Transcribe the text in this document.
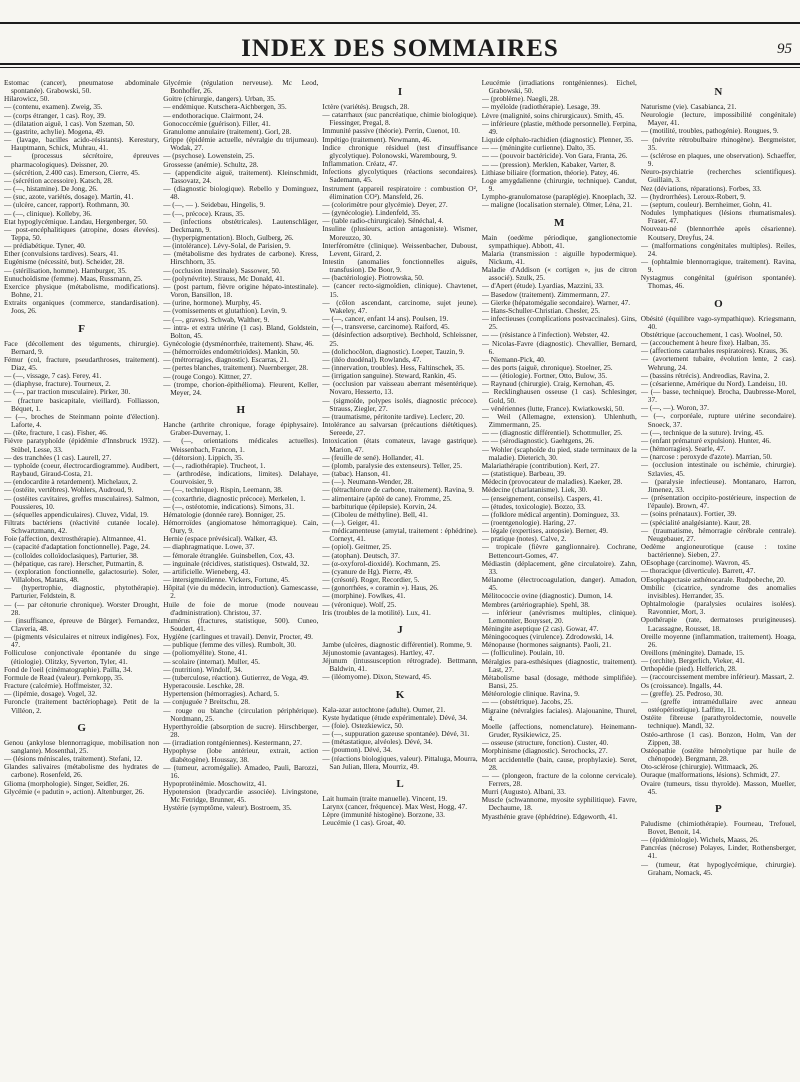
INDEX DES SOMMAIRES	95

Estomac (cancer), pneumatose abdominale spontanée). Grabowski, 50.

Hilarowicz, 50.

— (contenu, examen). Zweig, 35.

— (corps étranger, 1 cas). Roy, 39.

— (dilatation aiguë, 1 cas). Von Szeman, 50.

— (gastrite, achylie). Mogena, 49.

— (lavage, bacilles acido-résistants). Kerestury, Hauptmann, Schick, Muhrau, 41.

— (processus sécrétoire, épreuves pharmacologiques). Deissner, 20.

— (sécrétion, 2.400 cas). Emerson, Cierre, 45.

— (sécrétion accessoire). Katsch, 28.

— (—, histamine). De Jong, 26.

— (suc, azote, variétés, dosage). Martin, 41.

— (ulcère, cancer, rapport). Rothmann, 30.

— (—, clinique). Kolleby, 36.

Etat hypoglycémique. Landau, Hergenberger, 50.

— post-encéphalitiques (atropine, doses élevées). Teppa, 50.

— prédiabétique. Tyner, 40.

Ether (convulsions tardives). Sears, 41.

Eugénisme (nécessité, but). Scheider, 28.

— (stérilisation, homme). Hamburger, 35.

Eunuchoïdisme (femme). Maas, Russmann, 25.

Exercice physique (métabolisme, modifications). Bohne, 21.

Extraits organiques (commerce, standardisation). Joos, 26.

F

Face (décollement des téguments, chirurgie). Bernard, 9.

Fémur (col, fracture, pseudarthroses, traitement). Diaz, 45.

— (—, vissage, 7 cas). Ferey, 41.

— (diaphyse, fracture). Tourneux, 2.

— (—, par traction musculaire). Pirker, 30.

— (fracture basicapitale, vieillard). Folliasson, Béquet, 1.

— (—, broches de Steinmann pointe d'élection). Laforte, 4.

— (tête, fracture, 1 cas). Fisher, 46.

Fièvre paratyphoïde (épidémie d'Innsbruck 1932). Stübel, Lesse, 33.

— des tranchées (1 cas). Laurell, 27.

— typhoïde (coeur, électrocardiogramme). Audibert, Raybaud, Giraud-Costa, 21.

— (endocardite à retardement). Michelaux, 2.

— (ostéite, vertèbres). Wohlers, Audroud, 9.

— (ostéites cavitaires, greffes musculaires). Salmon, Poussieres, 10.

— (séquelles appendiculaires). Cluvez, Vidal, 19.

Filtrats bactériens (réactivité cutanée locale). Schwartzmann, 42.

Foie (affection, dextrosthérapie). Altmannee, 41.

— (capacité d'adaptation fonctionnelle). Page, 24.

— (colloïdes colloïdoclasiques), Parturier, 38.

— (hépatique, cas rare). Herscher, Putmartin, 8.

— (exploration fonctionnelle, galactosurie). Soler, Villalobos, Matans, 48.

— (hypertrophie, diagnostic, phytothérapie). Parturier, Feldstein, 8.

— (— par cétonurie chronique). Worster Drought, 28.

— (insuffisance, épreuve de Bürger). Fernandez, Claveria, 48.

— (pigments vésiculaires et nitreux indigènes). Fox, 47.

Folliculose conjonctivale épontanée du singe (étiologie). Olitzky, Syverton, Tyler, 41.

Fond de l'oeil (cinématographie). Pailla, 34.

Formule de Read (valeur). Pernkopp, 35.

Fracture (calcémie). Hoffmeister, 32.

— (lipémie, dosage). Vogel, 32.

Furoncle (traitement bactériophage). Petit de la Villéon, 2.

G

Genou (ankylose blennorragique, mobilisation non sanglante). Mosenthal, 25.

— (lésions méniscales, traitement). Stefani, 12.

Glandes salivaires (métabolisme des hydrates de carbone). Rosenfeld, 26.

Glioma (morphologie). Singer, Seidler, 26.

Glycémie (« padutin », action). Altenburger, 26.

Glycémie (régulation nerveuse). Mc Leod, Bonhoffer, 26.

Goitre (chirurgie, dangers). Urban, 35.

— endémique. Kutschera-Aichbergen, 35.

— endothoracique. Clairmont, 24.

Gonococcémie (guérison). Filler, 41.

Granulome annulaire (traitement). Gorl, 28.

Grippe (épidémie actuelle, névralgie du trijumeau). Wodak, 27.

— (psychose). Lowenstein, 25.

Grossesse (anémie). Schultz, 28.

— (appendicite aiguë, traitement). Kleinschmidt, Tassovatz, 24.

— (diagnostic biologique). Rebello y Dominguez, 48.

— (—, — ). Seidebau, Hingelis, 9.

— (—, précoce). Kraus, 35.

— (infections obstétricales). Lautenschläger, Deckmann, 9.

— (hyperpigmentation). Bloch, Gulberg, 26.

— (intolérance). Lévy-Solal, de Parisien, 9.

— (métabolisme des hydrates de carbone). Kress, Hirschhorn, 35.

— (occlusion intestinale). Sassower, 50.

— (polynévrite). Strauss, Mc Donald, 41.

— (post partum, fièvre origine hépato-intestinale). Voron, Bansillon, 18.

— (urine, hormone). Murphy, 45.

— (vomissements et glutathion). Levin, 9.

— (—, graves). Schwab, Walther, 9.

— intra- et extra utérine (1 cas). Bland, Goldstein, Bolton, 45.

Gynécologie (dysménorrhée, traitement). Shaw, 46.

— (hémorroïdes endométrioïdes). Mankin, 50.

— (métrorragies, diagnostic). Escarras, 21.

— (pertes blanches, traitement). Nuernberger, 28.

— (rouge Congo). Kittner, 27.

— (trompe, chorion-épithélioma). Fleurent, Keller, Meyer, 24.

H

Hanche (arthrite chronique, forage épiphysaire). Graber-Duvernay, 1.

— (—, orientations médicales actuelles). Weissenbach, Francon, 1.

— (détorsion). Lippich, 35.

— (—, radiothérapie). Trucheot, 1.

— (arthrodèse, indications, limites). Delahaye, Courvoisier, 9.

— (—, technique). Rispin, Leemann, 38.

— (coxarthrie, diagnostic précoce). Merkelen, 1.

— (—, ostéotomie, indications). Simons, 31.

Hématologie (donnée rare). Bonniger, 25.

Hémorroïdes (angiomatose hémorragique). Cain, Oury, 9.

Hernie (espace prévésical). Walker, 43.

— diaphragmatique. Lowe, 37.

— fémorale étranglée. Guinsbellen, Cox, 43.

— inguinale (récidives, statistiques). Ostwald, 32.

— artificielle. Wieneberg, 43.

— intersigmoïdienne. Vickers, Fortune, 45.

Hôpital (vie du médecin, introduction). Gamescasse, 2.

Huile de foie de morue (mode nouveau d'administration). Christou, 37.

Humérus (fractures, statistique, 500). Cuneo, Soudert, 41.

Hygiène (carlingues et travail). Denvir, Procter, 49.

— publique (femme des villes). Rumbolt, 30.

— (poliomyélite). Stone, 41.

— scolaire (internat). Muller, 45.

— (nutrition). Windolf, 34.

— (tuberculose, réaction). Gutierrez, de Vega, 49.

Hyperacousie. Leschke, 28.

Hypertension (hémorragies). Achard, 5.

— conjuguée ? Breitschu, 28.

— rouge ou blanche (circulation périphérique). Nordmann, 25.

Hyperthyroïdie (absorption de sucre). Hirschberger, 28.

— (irradiation rontgéniennes). Kestermann, 27.

Hypophyse (lobe antérieur, extrait, action diabétogène). Houssay, 38.

— (tumeur, acromégalie). Amadeo, Pauli, Barozzi, 16.

Hypoprotéinémie. Moschowitz, 41.

Hypotension (bradycardie associée). Livingstone, Mc Fetridge, Brunner, 45.

Hystérie (symptôme, valeur). Bostroem, 35.

I

Ictère (variétés). Brugsch, 28.

— catarrhaux (suc pancréatique, chimie biologique). Fiessinger, Pregal, 8.

Immunité passive (théorie). Perrin, Cuenot, 10.

Impétigo (traitement). Newmann, 46.

Indice chronique résiduel (test d'insuffisance glycolytique). Polonowski, Warembourg, 9.

Inflammation. Créatz, 47.

Infections glycolytiques (réactions secondaires). Sademann, 45.

Instrument (appareil respiratoire : combustion O², élimination CO²). Mansfeld, 26.

— (colorimètre pour glycémie). Deyer, 27.

— (gynécologie). Lindenfeld, 35.

— (table radio-chirurgicale). Sénéchal, 4.

Insuline (plusieurs, action antagoniste). Wismer, Moreuzzo, 30.

Interféromètre (clinique). Weissenbacher, Duboust, Levent, Girard, 2.

Intestin (anomalies fonctionnelles aiguës, transfusion). De Boor, 9.

— (bactériologie). Piotrowska, 50.

— (cancer recto-sigmoïdien, clinique). Chavtenet, 15.

— (côlon ascendant, carcinome, sujet jeune). Wakeley, 47.

— (—, cancer, enfant 14 ans). Poulsen, 19.

— (—, transverse, carcinome). Raiford, 45.

— (désinfection adsorptive). Bechhold, Schleissner, 25.

— (dolichocôlon, diagnostic). Loeper, Tauzin, 9.

— (iléo duodénal). Rowlands, 47.

— (innervation, troubles). Hess, Faltinschek, 35.

— (irrigation sanguine). Steward, Rankin, 45.

— (occlusion par vaisseau aberrant mésentérique). Novaro, Hesserto, 13.

— (sigmoïde, polypes isolés, diagnostic précoce). Strauss, Ziegler, 27.

— (traumatisme, péritonite tardive). Leclerc, 20.

Intolérance au salvarsan (précautions diététiques). Sereede, 27.

Intoxication (états comateux, lavage gastrique). Marion, 47.

— (feuille de sené). Hollander, 41.

— (plomb, paralysie des extenseurs). Teller, 25.

— (tabac). Hanson, 41.

— (—). Neumann-Wender, 28.

— (tétrachlorure de carbone, traitement). Ravina, 9.

— alimentaire (apôtè de cane). Fromme, 25.

— barbiturique (épilepsie). Korvin, 24.

— (Ciboleu de méthyline). Bell, 41.

— (—). Geiger, 41.

— médicamenteuse (amytal, traitement : éphédrine). Corneyt, 41.

— (opiol). Geitmer, 25.

— (atophan). Deutsch, 37.

— (α-oxyforol-dioxidé). Kochmann, 25.

— (cyanure de Hg). Pierre, 49.

— (crésoté). Roger, Recordier, 5.

— (gonorrhées, « coramin »). Haus, 26.

— (morphine). Fowlkes, 41.

— (véronique). Wolf, 25.

Iris (troubles de la motilité). Lux, 41.

J

Jambe (ulcères, diagnostic différentiel). Romme, 9.

Jéjunostomie (avantages). Hartley, 47.

Jéjunum (intussusception rétrograde). Bettmann, Baldwin, 41.

— (iléomyome). Dixon, Steward, 45.

K

Kala-azar autochtone (adulte). Oumer, 21.

Kyste hydatique (étude expérimentale). Dévé, 34.

— (foie). Ostezkiewicz, 50.

— (—, suppuration gazeuse spontanée). Dévé, 31.

— (métastatique, alvéoles). Dévé, 34.

— (poumon). Dévé, 34.

— (réactions biologiques, valeur). Pittaluga, Mourra, San Julian, Illera, Mourriz, 49.

L

Lait humain (traite manuelle). Vincent, 19.

Larynx (cancer, fréquence). Max West, Hogg, 47.

Lèpre (immunité histogène). Borzone, 33.

Leucémie (1 cas). Groat, 40.

Leucémie (irradiations rontgéniennes). Eichel, Grabowski, 50.

— (problème). Naegli, 28.

— myéloïde (radiothérapie). Lesage, 39.

Lèvre (malignité, soins chirurgicaux). Smith, 45.

— inférieure (plastie, méthode personnelle). Ferpina, 49.

Liquide céphalo-rachidien (diagnostic). Plenner, 35.

— — (méningite curlienne). Dalto, 35.

— — (pouvoir bactéricide). Von Gara, Franta, 26.

— — (pression). Merklen, Kabaker, Varter, 8.

Lithiase biliaire (formation, théorie). Patey, 46.

Loge amygdalienne (chirurgie, technique). Candut, 9.

Lympho-granulomatose (paraplégie). Knoeplach, 32.

— maligne (localisation sternale). Olmer, Léna, 21.

M

Main (oedème périodique, ganglionectomie sympathique). Abbott, 41.

Malaria (transmission : aiguille hypodermique). Nickum, 41.

Maladie d'Addison (« cortigen », jus de citron associé). Szulk, 25.

— d'Apert (étude). Lyardias, Mazzini, 33.

— Basedow (traitement). Zimmermann, 27.

— Gierke (hépatomégalie secondaire). Warner, 47.

— Hans-Schuller-Christian. Chesler, 25.

— infectieuses (complications postvaccinales). Gins, 25.

— — (résistance à l'infection). Webster, 42.

— Nicolas-Favre (diagnostic). Chevallier, Bernard, 6.

— Niemann-Pick, 40.

— des ports (aiguë, chronique). Stoelner, 25.

— — (étiologie). Fortner, Otto, Bulow, 35.

— Raynaud (chirurgie). Craig, Kernohan, 45.

— Recklinghausen osseuse (1 cas). Schlesinger, Gold, 50.

— vénériennes (lutte, France). Kwiatkowski, 50.

— Weil (Allemagne, extension). Uhlenhuth, Zimmermann, 25.

— — (diagnostic différentiel). Schottmuller, 25.

— — (sérodiagnostic). Gaehtgens, 26.

— Wohler (scaphoïde du pied, stade terminaux de la maladie). Dieterich, 30.

Malariathérapie (contribution). Kerl, 27.

— (statistique). Barbeau, 39.

Médecin (provocateur de maladies). Kaeker, 28.

Médecine (charlatanisme). Liek, 30.

— (enseignement, conseils). Caspers, 41.

— (études, toxicologie). Bozzo, 33.

— (folklore médical argentin). Dominguez, 33.

— (roentgenologie). Haring, 27.

— légale (expertises, autopsie). Berner, 49.

— pratique (notes). Calve, 2.

— tropicale (fièvre ganglionnaire). Cochrane, Bettencourt-Gomes, 47.

Médiastin (déplacement, gêne circulatoire). Zahn, 33.

Mélanome (électrocoagulation, danger). Amadon, 45.

Mélitococcie ovine (diagnostic). Dumon, 14.

Membres (artériographie). Spehl, 38.

— inférieur (anévrismes multiples, clinique). Lemonnier, Bouysset, 20.

Méningite aseptique (2 cas). Gowar, 47.

Méningocoques (virulence). Zdrodowski, 14.

Ménopause (hormones saignants). Paoli, 21.

— (folliculine). Poulain, 10.

Méralgies para-esthésiques (diagnostic, traitement). Last, 27.

Métabolisme basal (dosage, méthode simplifiée). Bansi, 25.

Météorologie clinique. Ravina, 9.

— — (obstétrique). Jacobs, 25.

Migraine (névralgies faciales). Alajouanine, Thurel, 4.

Moelle (affections, nomenclature). Heinemann-Gruder, Rysikiewicz, 25.

— osseuse (structure, fonction). Custer, 40.

Morphinisme (diagnostic). Serochocks, 27.

Mort accidentelle (bain, cause, prophylaxie). Seret, 28.

— — (plongeon, fracture de la colonne cervicale). Ferrers, 28.

Murri (Augusto). Albani, 33.

Muscle (schwannome, myosite syphilitique). Favre, Dechaume, 18.

Myasthénie grave (éphédrine). Edgeworth, 41.

N

Naturisme (vie). Casabianca, 21.

Neurologie (lecture, impossibilité congénitale) Mayer, 41.

— (motilité, troubles, pathogénie). Rougues, 9.

— (névrite rétrobulbaire rhinogène). Bergmeister, 35.

— (sclérose en plaques, une observation). Schaeffer, 9.

Neuro-psychiatrie (recherches scientifiques). Guillain, 3.

Nez (déviations, réparations). Forbes, 33.

— (hydrorrhées). Leroux-Robert, 9.

— (septum, couleur). Bernheimer, Gohn, 41.

Nodules lymphatiques (lésions rhumatismales). Fraser, 47.

Nouveau-né (blennorrhée après césarienne). Koutsery, Dreyfus, 24.

— (malformations congénitales multiples). Reiles, 24.

— (ophtalmie blennorragique, traitement). Ravina, 9.

Nystagmus congénital (guérison spontanée). Thomas, 46.

O

Obésité (équilibre vago-sympathique). Kriegsmann, 40.

Obstétrique (accouchement, 1 cas). Woolnel, 50.

— (accouchement à heure fixe). Halban, 35.

— (affections catarrhales respiratoires). Kraus, 36.

— (avortement tubaire, évolution lente, 2 cas). Wehrung, 24.

— (bassins rétrécis). Andreodias, Ravina, 2.

— (césarienne, Amérique du Nord). Landeisu, 10.

— (— basse, technique). Brocha, Daubresse-Morel, 37.

— (—, —). Woron, 37.

— (—, corporéale, rupture utérine secondaire). Snoeck, 37.

— (—, technique de la suture). Irving, 45.

— (enfant prématuré expulsion). Hunter, 46.

— (hémorragies). Searle, 47.

— (narcose : peroxyde d'azote). Marrian, 50.

— (occlusion intestinale ou ischémie, chirurgie). Szlavies, 45.

— (paralysie infectieuse). Montanaro, Harron, Jimenez, 33.

— (présentation occipito-postérieure, inspection de l'épaule). Brown, 47.

— (soins prénataux). Fortier, 39.

— (spécialité analgésiante). Kaur, 28.

— (traumatisme, hémorragie cérébrale centrale). Neugebauer, 27.

Oedème angioneurotique (cause : toxine bactérienne). Sieben, 27.

OEsophage (carcinome). Wavron, 45.

— thoracique (diverticule). Barrett, 47.

OEsophagectasie asthénocarale. Rudpobeche, 20.

Ombilic (cicatrice, syndrome des anomalies invisibles). Herrander, 35.

Ophtalmologie (paralysies oculaires isolées). Ravonnier, Mort, 3.

Opothérapie (rate, dermatoses prurigineuses). Lacassagne, Rousset, 18.

Oreille moyenne (inflammation, traitement). Hoaga, 26.

Oreillons (méningite). Damade, 15.

— (orchite). Bergerlich, Vieker, 41.

Orthopédie (pied). Helferich, 28.

— (raccourcissement membre inférieur). Massart, 2.

Os (croissance). Ingalls, 44.

— (greffe). 25. Pedroso, 30.

— (greffe intramédullaire avec anneau ostéopériostique). Laffitte, 11.

Ostéite fibreuse (parathyroïdectomie, nouvelle technique). Mandl, 32.

Ostéo-arthrose (1 cas). Bonzon, Holm, Van der Zippen, 38.

Ostéopathie (ostéite hémolytique par huile de chénopode). Bergmann, 28.

Oto-sclérose (chirurgie). Wittmaack, 26.

Ouraque (malformations, lésions). Schmidt, 27.

Ovaire (tumeurs, tissu thyroïde). Masson, Mueller, 45.

P

Paludisme (chimiothérapie). Fourneau, Trefouel, Bovet, Benoit, 14.

— (épidémiologie). Wichels, Maass, 26.

Pancréas (nécrose) Polayes, Linder, Rothensberger, 41.

— (tumeur, état hypoglycémique, chirurgie). Graham, Nomack, 45.
